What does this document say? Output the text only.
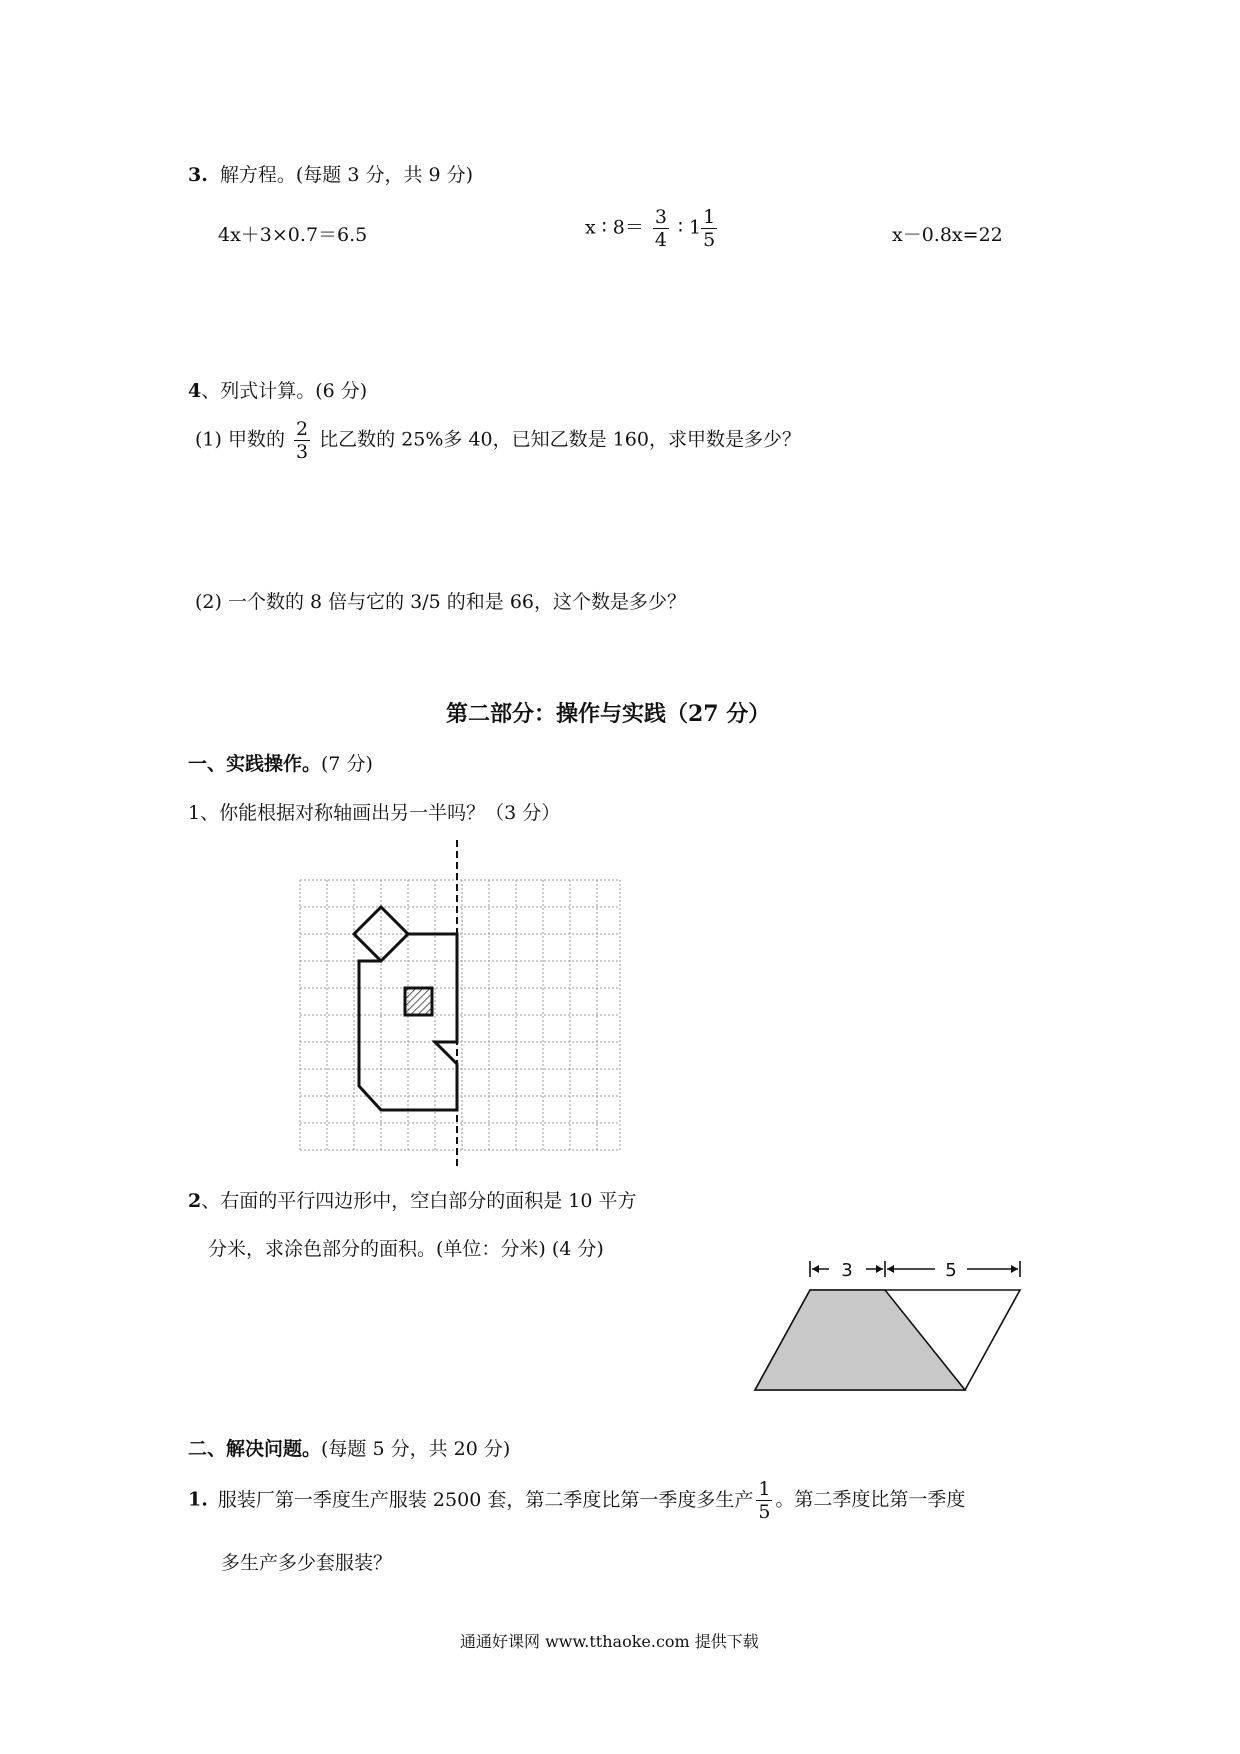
3. 解方程。(每题 3 分，共 9 分)
4x＋3×0.7＝6.5	x ∶ $8= \frac{3}{4}$ ∶ $1 \frac{1}{5}$	x－0.8x=22
4、列式计算。(6 分)
(1) 甲数的 $\frac{2}{3}$ 比乙数的 25%多 40，已知乙数是 160，求甲数是多少？
(2) 一个数的 8 倍与它的 3/5 的和是 66，这个数是多少？
第二部分：操作与实践（27 分）
一、实践操作。(7 分)
1、你能根据对称轴画出另一半吗？（3 分）
2、右面的平行四边形中，空白部分的面积是 10 平方
分米，求涂色部分的面积。(单位：分米) (4 分)
3	5
二、解决问题。(每题 5 分，共 20 分)
1. 服装厂第一季度生产服装 2500 套，第二季度比第一季度多生产 $\frac{1}{5}$ 。第二季度比第一季度
多生产多少套服装？
通通好课网 www.tthaoke.com 提供下载
